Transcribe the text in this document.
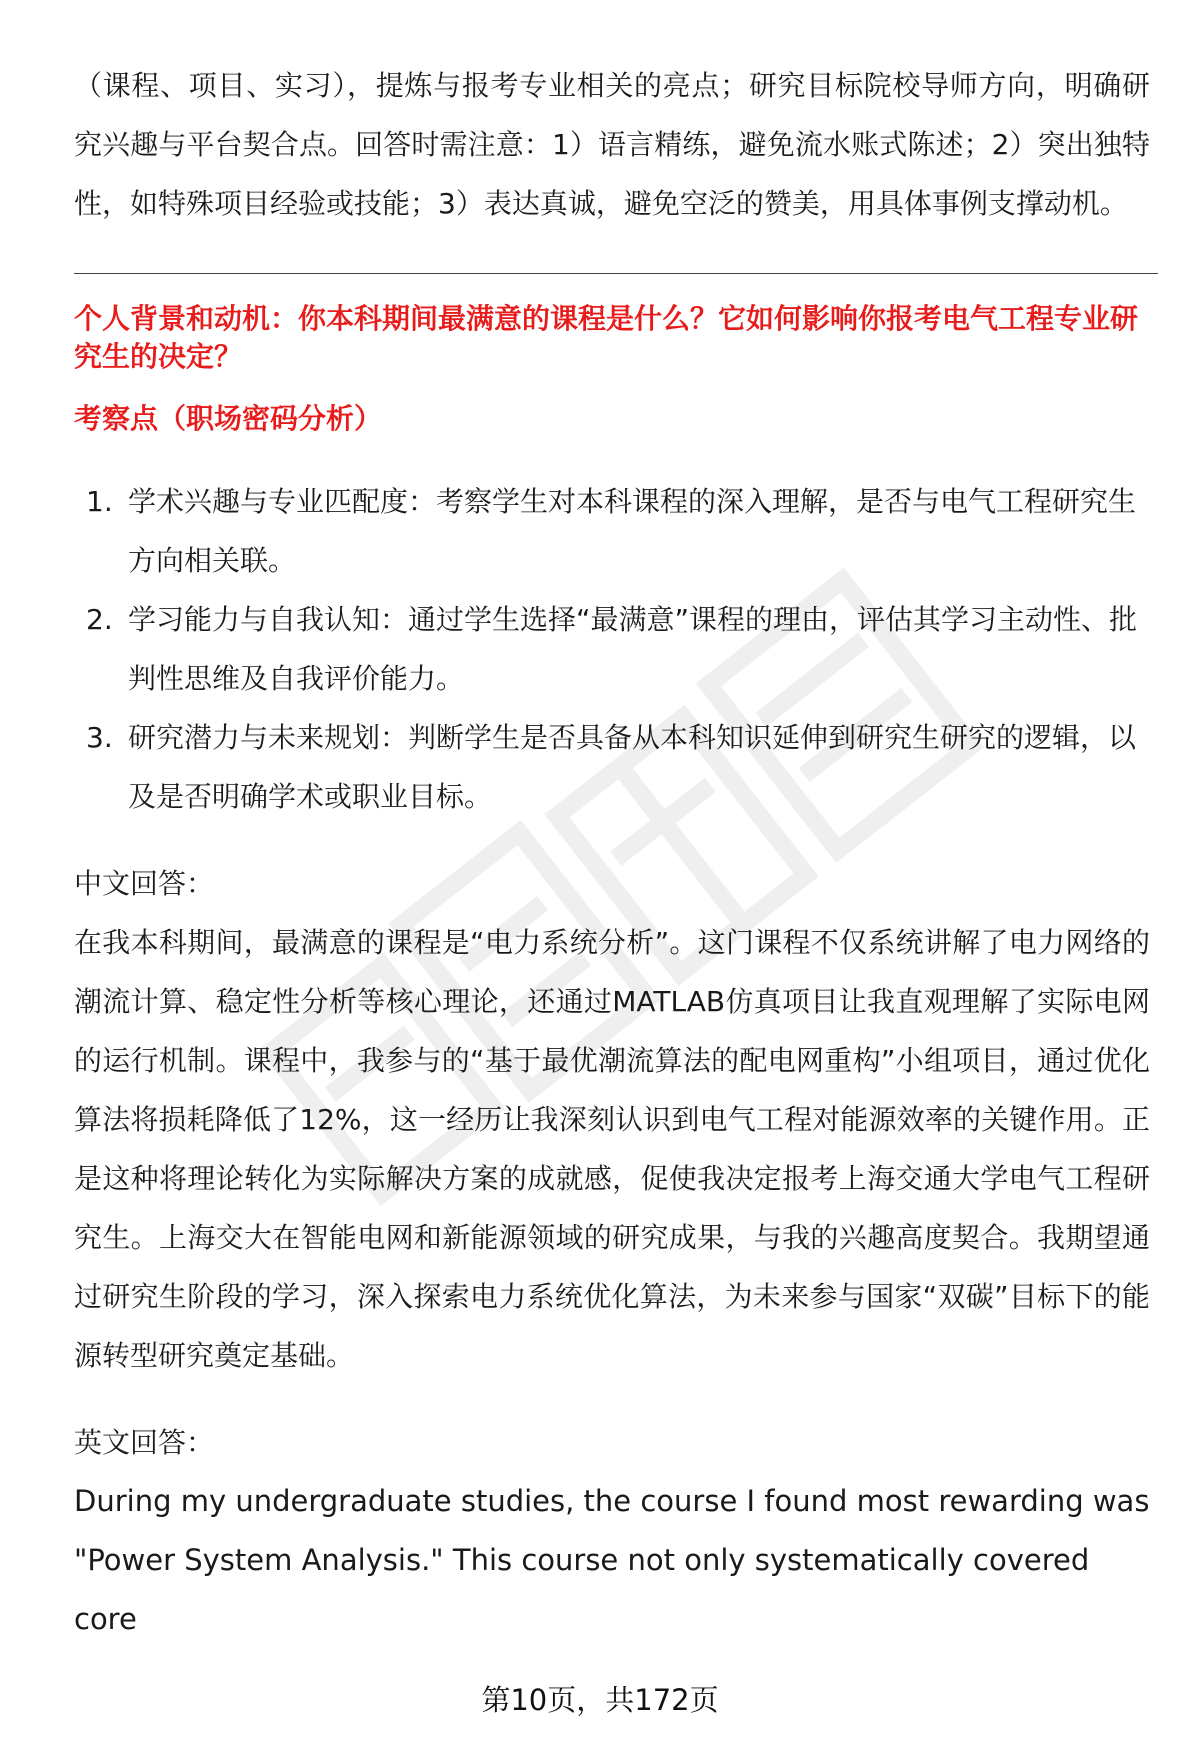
（课程、项目、实习），提炼与报考专业相关的亮点；研究目标院校导师方向，明确研究兴趣与平台契合点。回答时需注意：1）语言精练，避免流水账式陈述；2）突出独特性，如特殊项目经验或技能；3）表达真诚，避免空泛的赞美，用具体事例支撑动机。

个人背景和动机：你本科期间最满意的课程是什么？它如何影响你报考电气工程专业研究生的决定？

考察点（职场密码分析）

1. 学术兴趣与专业匹配度：考察学生对本科课程的深入理解，是否与电气工程研究生方向相关联。
2. 学习能力与自我认知：通过学生选择“最满意”课程的理由，评估其学习主动性、批判性思维及自我评价能力。
3. 研究潜力与未来规划：判断学生是否具备从本科知识延伸到研究生研究的逻辑，以及是否明确学术或职业目标。

中文回答：

在我本科期间，最满意的课程是“电力系统分析”。这门课程不仅系统讲解了电力网络的潮流计算、稳定性分析等核心理论，还通过MATLAB仿真项目让我直观理解了实际电网的运行机制。课程中，我参与的“基于最优潮流算法的配电网重构”小组项目，通过优化算法将损耗降低了12%，这一经历让我深刻认识到电气工程对能源效率的关键作用。正是这种将理论转化为实际解决方案的成就感，促使我决定报考上海交通大学电气工程研究生。上海交大在智能电网和新能源领域的研究成果，与我的兴趣高度契合。我期望通过研究生阶段的学习，深入探索电力系统优化算法，为未来参与国家“双碳”目标下的能源转型研究奠定基础。

英文回答：

During my undergraduate studies, the course I found most rewarding was "Power System Analysis." This course not only systematically covered core

第10页，共172页
